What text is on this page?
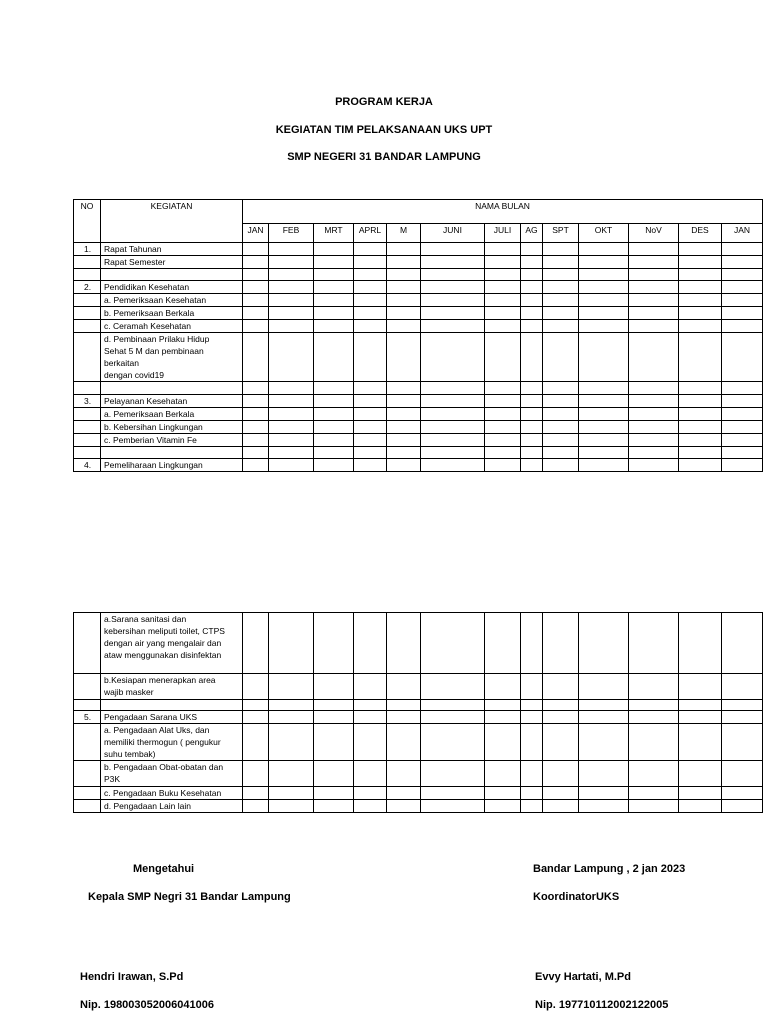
PROGRAM KERJA
KEGIATAN TIM PELAKSANAAN UKS UPT
SMP NEGERI 31 BANDAR LAMPUNG
NO	KEGIATAN	NAMA BULAN												
		JAN	FEB	MRT	APRL	M	JUNI	JULI	AG	SPT	OKT	NoV	DES	JAN
1.	Rapat Tahunan													

	Rapat Semester													

2.	Pendidikan Kesehatan													

	a. Pemeriksaan Kesehatan													

	b. Pemeriksaan Berkala													

	c. Ceramah Kesehatan													

	d. Pembinaan Prilaku Hidup
Sehat 5 M dan pembinaan
berkaitan
dengan covid19													

3.	Pelayanan Kesehatan													

	a. Pemeriksaan Berkala													

	b. Kebersihan Lingkungan													

	c. Pemberian Vitamin Fe													

4.	Pemeliharaan Lingkungan													

	a.Sarana sanitasi dan
kebersihan meliputi toilet, CTPS
dengan air yang mengalair dan
ataw menggunakan disinfektan													

	b.Kesiapan menerapkan area
wajib masker													

5.	Pengadaan Sarana UKS													

	a. Pengadaan Alat Uks, dan
memiliki thermogun ( pengukur
suhu tembak)													

	b. Pengadaan Obat-obatan dan
P3K													

	c. Pengadaan Buku Kesehatan													

	d. Pengadaan Lain lain													

Mengetahui	Bandar Lampung , 2 jan 2023
Kepala SMP Negri 31 Bandar Lampung	KoordinatorUKS
Hendri Irawan, S.Pd	Evvy Hartati, M.Pd
Nip. 198003052006041006	Nip. 197710112002122005
